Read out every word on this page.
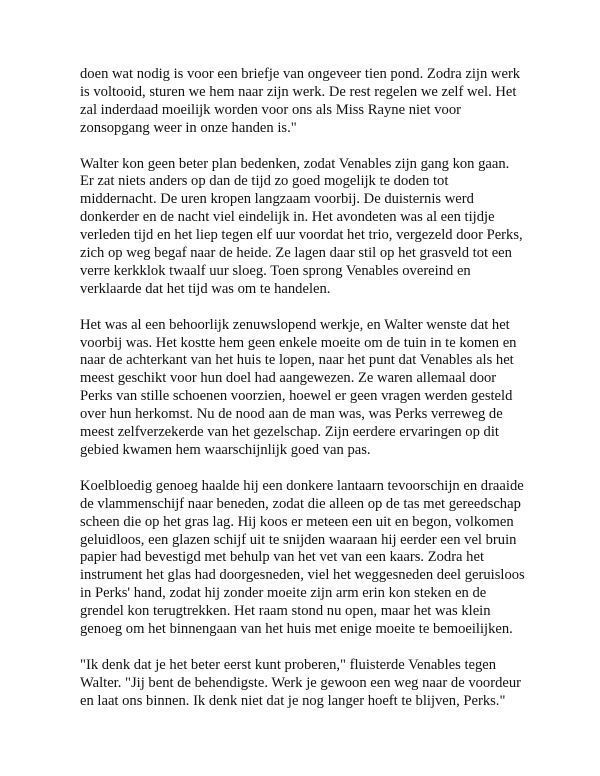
doen wat nodig is voor een briefje van ongeveer tien pond. Zodra zijn werk
is voltooid, sturen we hem naar zijn werk. De rest regelen we zelf wel. Het
zal inderdaad moeilijk worden voor ons als Miss Rayne niet voor
zonsopgang weer in onze handen is."

Walter kon geen beter plan bedenken, zodat Venables zijn gang kon gaan.
Er zat niets anders op dan de tijd zo goed mogelijk te doden tot
middernacht. De uren kropen langzaam voorbij. De duisternis werd
donkerder en de nacht viel eindelijk in. Het avondeten was al een tijdje
verleden tijd en het liep tegen elf uur voordat het trio, vergezeld door Perks,
zich op weg begaf naar de heide. Ze lagen daar stil op het grasveld tot een
verre kerkklok twaalf uur sloeg. Toen sprong Venables overeind en
verklaarde dat het tijd was om te handelen.

Het was al een behoorlijk zenuwslopend werkje, en Walter wenste dat het
voorbij was. Het kostte hem geen enkele moeite om de tuin in te komen en
naar de achterkant van het huis te lopen, naar het punt dat Venables als het
meest geschikt voor hun doel had aangewezen. Ze waren allemaal door
Perks van stille schoenen voorzien, hoewel er geen vragen werden gesteld
over hun herkomst. Nu de nood aan de man was, was Perks verreweg de
meest zelfverzekerde van het gezelschap. Zijn eerdere ervaringen op dit
gebied kwamen hem waarschijnlijk goed van pas.

Koelbloedig genoeg haalde hij een donkere lantaarn tevoorschijn en draaide
de vlammenschijf naar beneden, zodat die alleen op de tas met gereedschap
scheen die op het gras lag. Hij koos er meteen een uit en begon, volkomen
geluidloos, een glazen schijf uit te snijden waaraan hij eerder een vel bruin
papier had bevestigd met behulp van het vet van een kaars. Zodra het
instrument het glas had doorgesneden, viel het weggesneden deel geruisloos
in Perks' hand, zodat hij zonder moeite zijn arm erin kon steken en de
grendel kon terugtrekken. Het raam stond nu open, maar het was klein
genoeg om het binnengaan van het huis met enige moeite te bemoeilijken.

"Ik denk dat je het beter eerst kunt proberen," fluisterde Venables tegen
Walter. "Jij bent de behendigste. Werk je gewoon een weg naar de voordeur
en laat ons binnen. Ik denk niet dat je nog langer hoeft te blijven, Perks."
